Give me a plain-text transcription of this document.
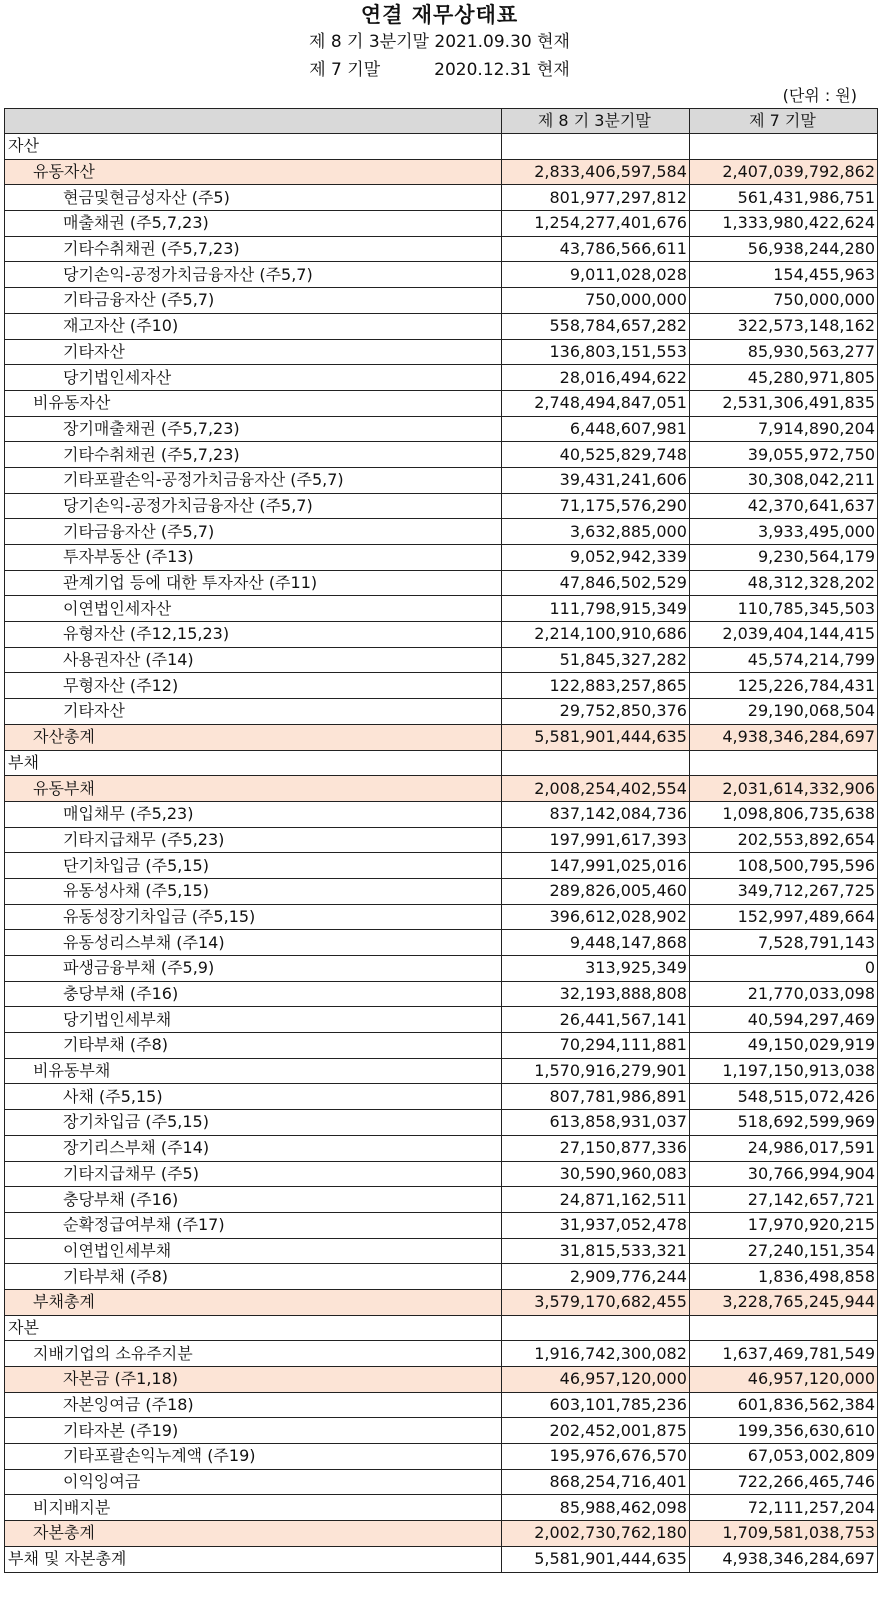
연결 재무상태표
제 8 기 3분기말 2021.09.30 현재
제 7 기말          2020.12.31 현재
(단위 : 원)
	제 8 기 3분기말	제 7 기말
자산		
유동자산	2,833,406,597,584	2,407,039,792,862
현금및현금성자산 (주5)	801,977,297,812	561,431,986,751
매출채권 (주5,7,23)	1,254,277,401,676	1,333,980,422,624
기타수취채권 (주5,7,23)	43,786,566,611	56,938,244,280
당기손익-공정가치금융자산 (주5,7)	9,011,028,028	154,455,963
기타금융자산 (주5,7)	750,000,000	750,000,000
재고자산 (주10)	558,784,657,282	322,573,148,162
기타자산	136,803,151,553	85,930,563,277
당기법인세자산	28,016,494,622	45,280,971,805
비유동자산	2,748,494,847,051	2,531,306,491,835
장기매출채권 (주5,7,23)	6,448,607,981	7,914,890,204
기타수취채권 (주5,7,23)	40,525,829,748	39,055,972,750
기타포괄손익-공정가치금융자산 (주5,7)	39,431,241,606	30,308,042,211
당기손익-공정가치금융자산 (주5,7)	71,175,576,290	42,370,641,637
기타금융자산 (주5,7)	3,632,885,000	3,933,495,000
투자부동산 (주13)	9,052,942,339	9,230,564,179
관계기업 등에 대한 투자자산 (주11)	47,846,502,529	48,312,328,202
이연법인세자산	111,798,915,349	110,785,345,503
유형자산 (주12,15,23)	2,214,100,910,686	2,039,404,144,415
사용권자산 (주14)	51,845,327,282	45,574,214,799
무형자산 (주12)	122,883,257,865	125,226,784,431
기타자산	29,752,850,376	29,190,068,504
자산총계	5,581,901,444,635	4,938,346,284,697
부채		
유동부채	2,008,254,402,554	2,031,614,332,906
매입채무 (주5,23)	837,142,084,736	1,098,806,735,638
기타지급채무 (주5,23)	197,991,617,393	202,553,892,654
단기차입금 (주5,15)	147,991,025,016	108,500,795,596
유동성사채 (주5,15)	289,826,005,460	349,712,267,725
유동성장기차입금 (주5,15)	396,612,028,902	152,997,489,664
유동성리스부채 (주14)	9,448,147,868	7,528,791,143
파생금융부채 (주5,9)	313,925,349	0
충당부채 (주16)	32,193,888,808	21,770,033,098
당기법인세부채	26,441,567,141	40,594,297,469
기타부채 (주8)	70,294,111,881	49,150,029,919
비유동부채	1,570,916,279,901	1,197,150,913,038
사채 (주5,15)	807,781,986,891	548,515,072,426
장기차입금 (주5,15)	613,858,931,037	518,692,599,969
장기리스부채 (주14)	27,150,877,336	24,986,017,591
기타지급채무 (주5)	30,590,960,083	30,766,994,904
충당부채 (주16)	24,871,162,511	27,142,657,721
순확정급여부채 (주17)	31,937,052,478	17,970,920,215
이연법인세부채	31,815,533,321	27,240,151,354
기타부채 (주8)	2,909,776,244	1,836,498,858
부채총계	3,579,170,682,455	3,228,765,245,944
자본		
지배기업의 소유주지분	1,916,742,300,082	1,637,469,781,549
자본금 (주1,18)	46,957,120,000	46,957,120,000
자본잉여금 (주18)	603,101,785,236	601,836,562,384
기타자본 (주19)	202,452,001,875	199,356,630,610
기타포괄손익누계액 (주19)	195,976,676,570	67,053,002,809
이익잉여금	868,254,716,401	722,266,465,746
비지배지분	85,988,462,098	72,111,257,204
자본총계	2,002,730,762,180	1,709,581,038,753
부채 및 자본총계	5,581,901,444,635	4,938,346,284,697
